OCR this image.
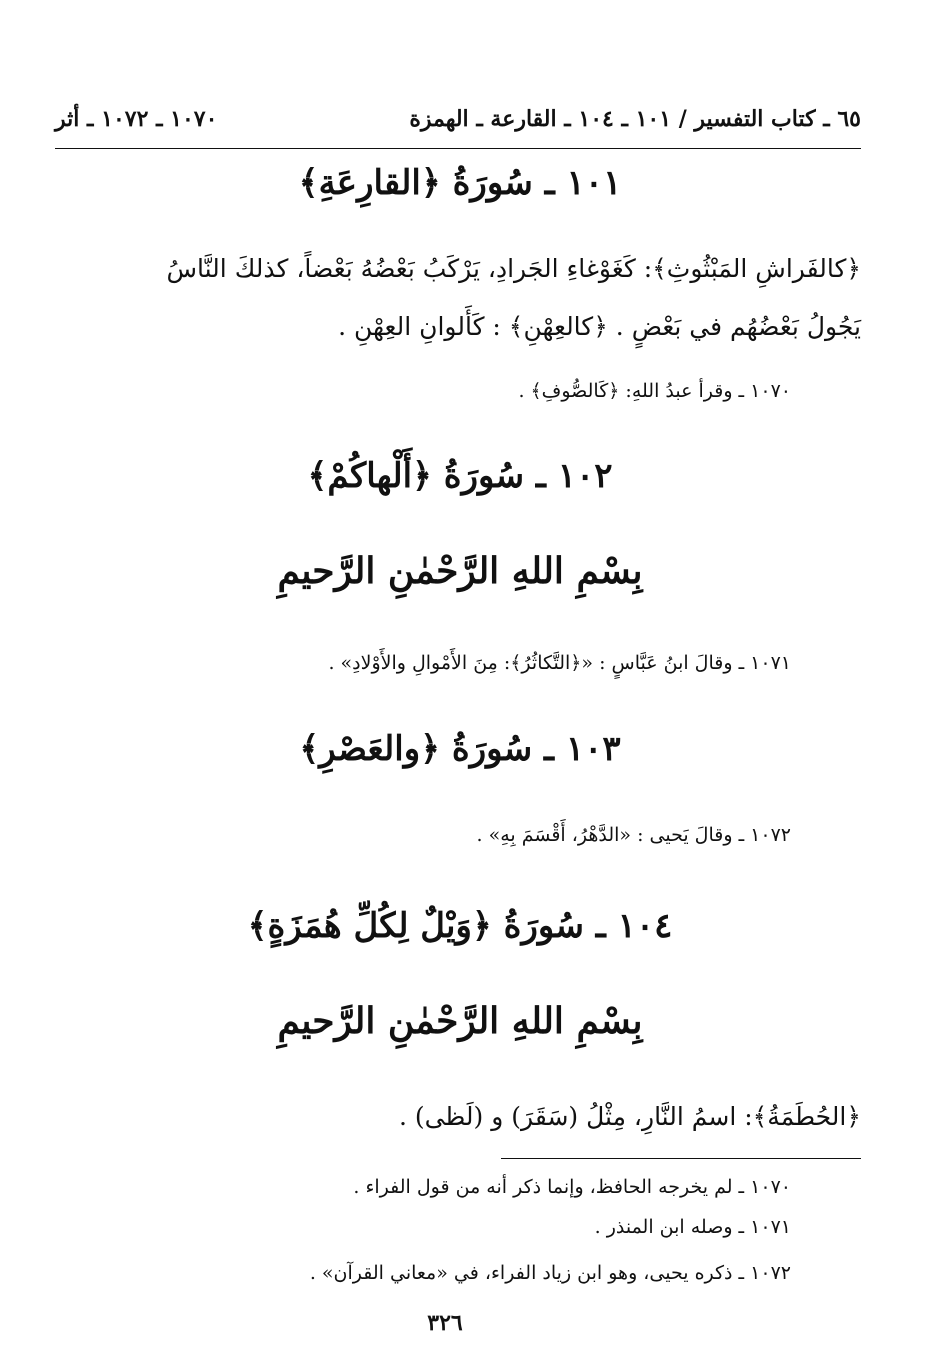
٦٥ ـ كتاب التفسير / ١٠١ ـ ١٠٤ ـ القارعة ـ الهمزة
١٠٧٠ ـ ١٠٧٢ ـ أثر
١٠١ ـ سُورَةُ ﴿القارِعَةِ﴾
﴿كالفَراشِ المَبْثُوثِ﴾: كَغَوْغاءِ الجَرادِ، يَرْكَبُ بَعْضُهُ بَعْضاً، كذلكَ النَّاسُ
يَجُولُ بَعْضُهُم في بَعْضٍ . ﴿كالعِهْنِ﴾ : كَأَلوانِ العِهْنِ .
١٠٧٠ ـ وقرأ عبدُ اللهِ: ﴿كَالصُّوفِ﴾ .
١٠٢ ـ سُورَةُ ﴿أَلْهاكُمْ﴾
بِسْمِ اللهِ الرَّحْمٰنِ الرَّحيمِ
١٠٧١ ـ وقالَ ابنُ عَبَّاسٍ : «﴿التَّكاثُرُ﴾: مِنَ الأَمْوالِ والأَوْلادِ» .
١٠٣ ـ سُورَةُ ﴿والعَصْرِ﴾
١٠٧٢ ـ وقالَ يَحيى : «الدَّهْرُ، أَقْسَمَ بِهِ» .
١٠٤ ـ سُورَةُ ﴿وَيْلٌ لِكُلِّ هُمَزَةٍ﴾
بِسْمِ اللهِ الرَّحْمٰنِ الرَّحيمِ
﴿الحُطَمَةُ﴾: اسمُ النَّارِ، مِثْلُ (سَقَرَ) و (لَظى) .
١٠٧٠ ـ لم يخرجه الحافظ، وإنما ذكر أنه من قول الفراء .
١٠٧١ ـ وصله ابن المنذر .
١٠٧٢ ـ ذكره يحيى، وهو ابن زياد الفراء، في «معاني القرآن» .
٣٢٦
